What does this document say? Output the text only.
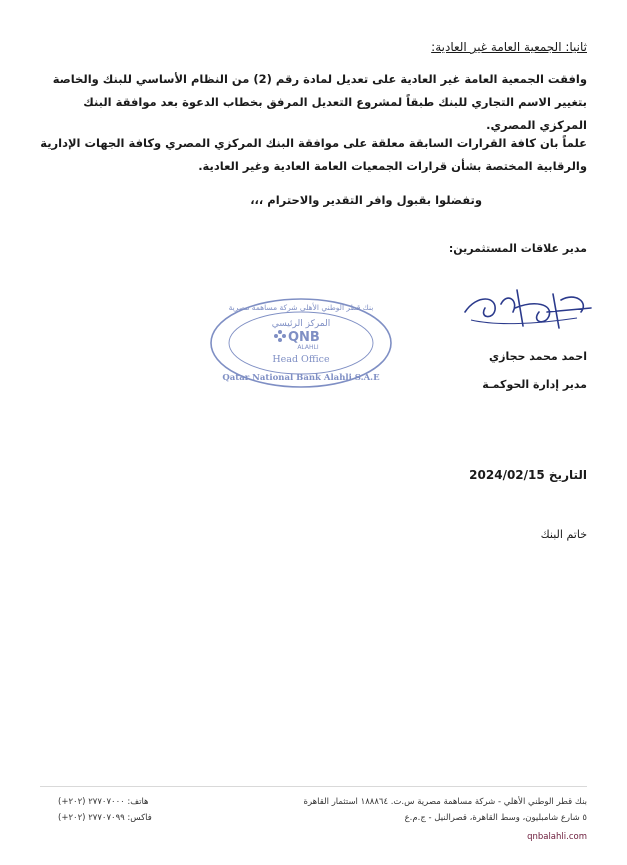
ثانيا: الجمعية العامة غير العادية:
وافقت الجمعية العامة غير العادية على تعديل لمادة رقم (2) من النظام الأساسي للبنك والخاصة بتغيير الاسم التجاري للبنك طبقاً لمشروع التعديل المرفق بخطاب الدعوة بعد موافقة البنك المركزي المصري.
علماً بان كافة القرارات السابقة معلقة على موافقة البنك المركزي المصري وكافة الجهات الإدارية والرقابية المختصة بشأن قرارات الجمعيات العامة العادية وغير العادية.
وتفضلوا بقبول وافر التقدير والاحترام ،،،
مدير علاقات المستثمرين:
بنك قطر الوطني الأهلي شركة مساهمة مصرية
المركز الرئيسي
QNB
ALAHLI
Head Office
Qatar National Bank Alahli S.A.E
احمد محمد حجازي
مدير إدارة الحوكمـة
التاريخ 2024/02/15
خاتم البنك
بنك قطر الوطني الأهلي - شركة مساهمة مصرية س.ت. ١٨٨٨٦٤ استثمار القاهرة
٥ شارع شامبليون، وسط القاهرة، قصرالنيل - ج.م.ع
هاتف: ٢٧٧٠٧٠٠٠ (٢٠٢+)
فاكس: ٢٧٧٠٧٠٩٩ (٢٠٢+)
qnbalahli.com
